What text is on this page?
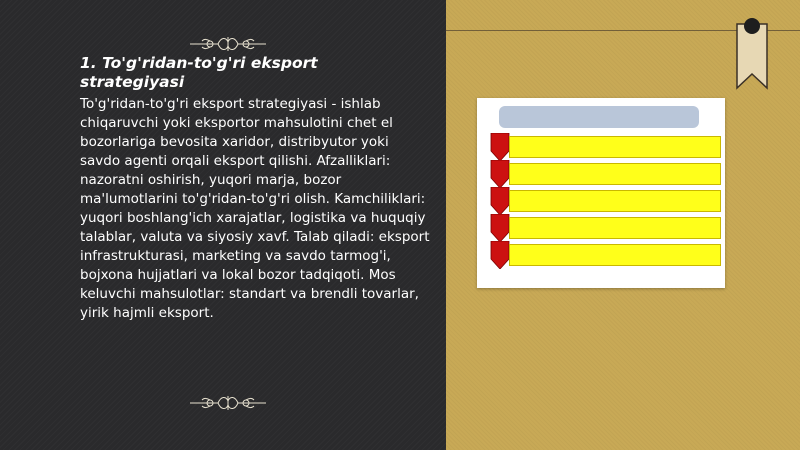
1. To'g'ridan-to'g'ri eksport strategiyasi

To'g'ridan-to'g'ri eksport strategiyasi - ishlab chiqaruvchi yoki eksportor mahsulotini chet el bozorlariga bevosita xaridor, distribyutor yoki savdo agenti orqali eksport qilishi. Afzalliklari: nazoratni oshirish, yuqori marja, bozor ma'lumotlarini to'g'ridan-to'g'ri olish. Kamchiliklari: yuqori boshlang'ich xarajatlar, logistika va huquqiy talablar, valuta va siyosiy xavf. Talab qiladi: eksport infrastrukturasi, marketing va savdo tarmog'i, bojxona hujjatlari va lokal bozor tadqiqoti. Mos keluvchi mahsulotlar: standart va brendli tovarlar, yirik hajmli eksport.
